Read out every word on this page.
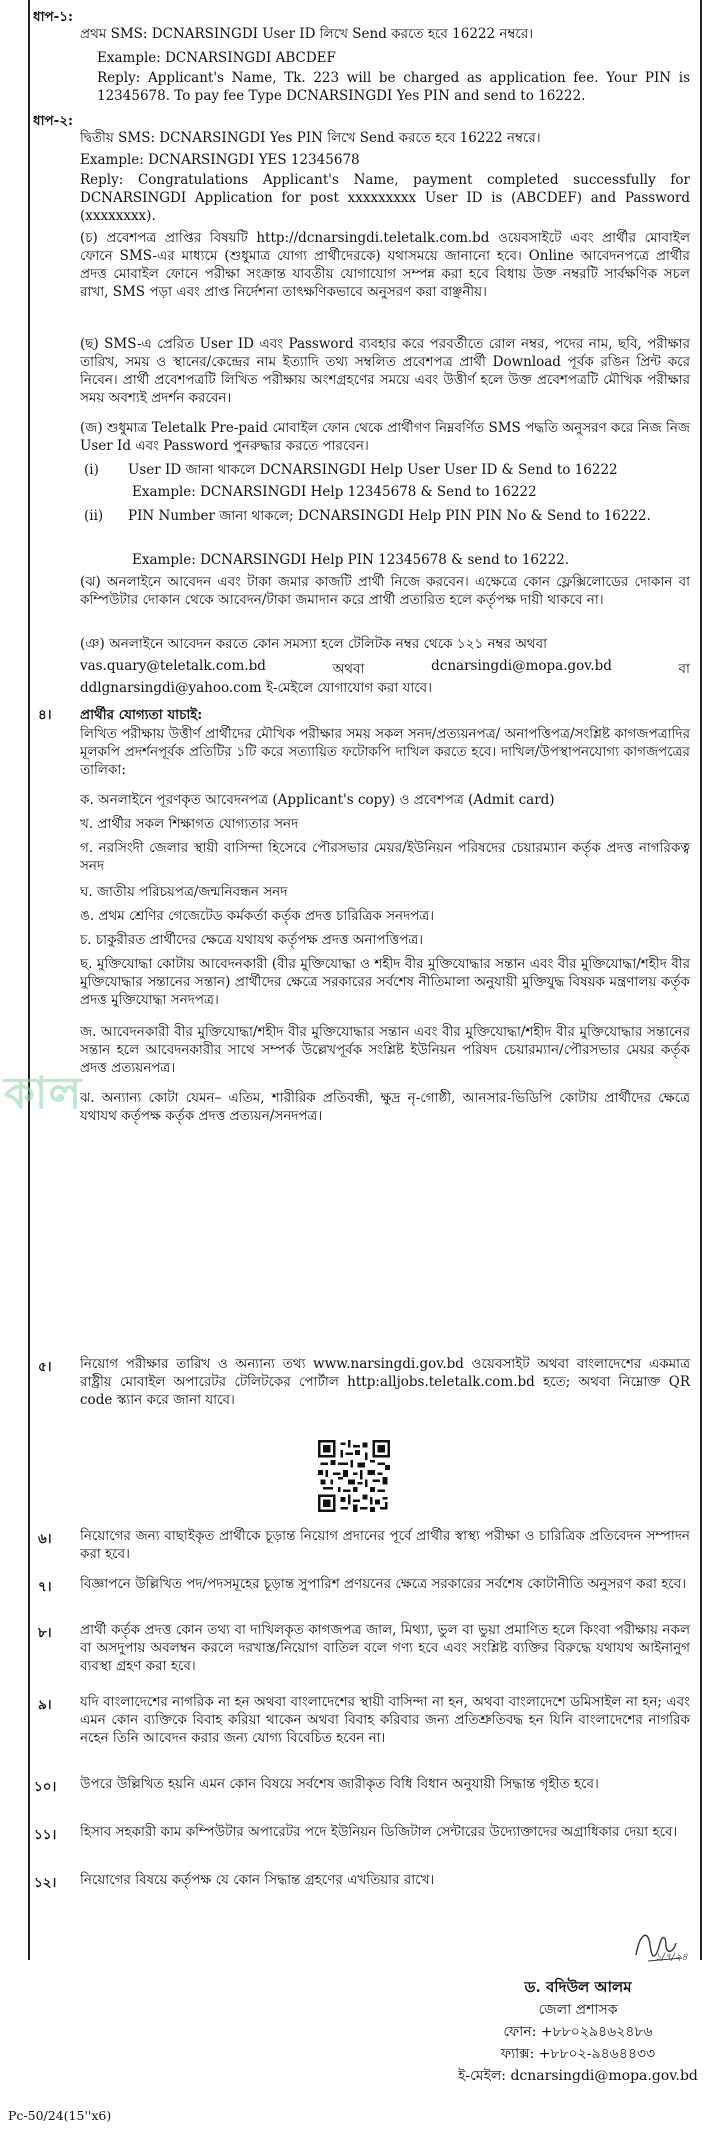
ধাপ-১:
প্রথম SMS: DCNARSINGDI User ID লিখে Send করতে হবে 16222 নম্বরে।
Example: DCNARSINGDI ABCDEF
Reply: Applicant's Name, Tk. 223 will be charged as application fee. Your PIN is 12345678. To pay fee Type DCNARSINGDI Yes PIN and send to 16222.
ধাপ-২:
দ্বিতীয় SMS: DCNARSINGDI Yes PIN লিখে Send করতে হবে 16222 নম্বরে।
Example: DCNARSINGDI YES 12345678
Reply: Congratulations Applicant's Name, payment completed successfully for DCNARSINGDI Application for post xxxxxxxxx User ID is (ABCDEF) and Password (xxxxxxxx).
(চ) প্রবেশপত্র প্রাপ্তির বিষয়টি http://dcnarsingdi.teletalk.com.bd ওয়েবসাইটে এবং প্রার্থীর মোবাইল ফোনে SMS-এর মাধ্যমে (শুধুমাত্র যোগ্য প্রার্থীদেরকে) যথাসময়ে জানানো হবে। Online আবেদনপত্রে প্রার্থীর প্রদত্ত মোবাইল ফোনে পরীক্ষা সংক্রান্ত যাবতীয় যোগাযোগ সম্পন্ন করা হবে বিধায় উক্ত নম্বরটি সার্বক্ষণিক সচল রাখা, SMS পড়া এবং প্রাপ্ত নির্দেশনা তাৎক্ষণিকভাবে অনুসরণ করা বাঞ্ছনীয়।
(ছ) SMS-এ প্রেরিত User ID এবং Password ব্যবহার করে পরবর্তীতে রোল নম্বর, পদের নাম, ছবি, পরীক্ষার তারিখ, সময় ও স্থানের/কেন্দ্রের নাম ইত্যাদি তথ্য সম্বলিত প্রবেশপত্র প্রার্থী Download পূর্বক রঙিন প্রিন্ট করে নিবেন। প্রার্থী প্রবেশপত্রটি লিখিত পরীক্ষায় অংশগ্রহণের সময়ে এবং উত্তীর্ণ হলে উক্ত প্রবেশপত্রটি মৌখিক পরীক্ষার সময় অবশ্যই প্রদর্শন করবেন।
(জ) শুধুমাত্র Teletalk Pre-paid মোবাইল ফোন থেকে প্রার্থীগণ নিম্নবর্ণিত SMS পদ্ধতি অনুসরণ করে নিজ নিজ User Id এবং Password পুনরুদ্ধার করতে পারবেন।
(i) User ID জানা থাকলে DCNARSINGDI Help User User ID & Send to 16222
Example: DCNARSINGDI Help 12345678 & Send to 16222
(ii) PIN Number জানা থাকলে; DCNARSINGDI Help PIN PIN No & Send to 16222.
Example: DCNARSINGDI Help PIN 12345678 & send to 16222.
(ঝ) অনলাইনে আবেদন এবং টাকা জমার কাজটি প্রার্থী নিজে করবেন। এক্ষেত্রে কোন ফ্লেক্সিলোডের দোকান বা কম্পিউটার দোকান থেকে আবেদন/টাকা জমাদান করে প্রার্থী প্রতারিত হলে কর্তৃপক্ষ দায়ী থাকবে না।
(ঞ) অনলাইনে আবেদন করতে কোন সমস্যা হলে টেলিটক নম্বর থেকে ১২১ নম্বর অথবা
vas.quary@teletalk.com.bd	অথবা	dcnarsingdi@mopa.gov.bd	বা
ddlgnarsingdi@yahoo.com ই-মেইলে যোগাযোগ করা যাবে।
৪। প্রার্থীর যোগ্যতা যাচাই:
লিখিত পরীক্ষায় উত্তীর্ণ প্রার্থীদের মৌখিক পরীক্ষার সময় সকল সনদ/প্রত্যয়নপত্র/ অনাপত্তিপত্র/সংশ্লিষ্ট কাগজপত্রাদির মূলকপি প্রদর্শনপূর্বক প্রতিটির ১টি করে সত্যায়িত ফটোকপি দাখিল করতে হবে। দাখিল/উপস্থাপনযোগ্য কাগজপত্রের তালিকা:
ক. অনলাইনে পূরণকৃত আবেদনপত্র (Applicant's copy) ও প্রবেশপত্র (Admit card)
খ. প্রার্থীর সকল শিক্ষাগত যোগ্যতার সনদ
গ. নরসিংদী জেলার স্থায়ী বাসিন্দা হিসেবে পৌরসভার মেয়র/ইউনিয়ন পরিষদের চেয়ারম্যান কর্তৃক প্রদত্ত নাগরিকত্ব সনদ
ঘ. জাতীয় পরিচয়পত্র/জন্মনিবন্ধন সনদ
ঙ. প্রথম শ্রেণির গেজেটেড কর্মকর্তা কর্তৃক প্রদত্ত চারিত্রিক সনদপত্র।
চ. চাকুরীরত প্রার্থীদের ক্ষেত্রে যথাযথ কর্তৃপক্ষ প্রদত্ত অনাপত্তিপত্র।
ছ. মুক্তিযোদ্ধা কোটায় আবেদনকারী (বীর মুক্তিযোদ্ধা ও শহীদ বীর মুক্তিযোদ্ধার সন্তান এবং বীর মুক্তিযোদ্ধা/শহীদ বীর মুক্তিযোদ্ধার সন্তানের সন্তান) প্রার্থীদের ক্ষেত্রে সরকারের সর্বশেষ নীতিমালা অনুযায়ী মুক্তিযুদ্ধ বিষয়ক মন্ত্রণালয় কর্তৃক প্রদত্ত মুক্তিযোদ্ধা সনদপত্র।
জ. আবেদনকারী বীর মুক্তিযোদ্ধা/শহীদ বীর মুক্তিযোদ্ধার সন্তান এবং বীর মুক্তিযোদ্ধা/শহীদ বীর মুক্তিযোদ্ধার সন্তানের সন্তান হলে আবেদনকারীর সাথে সম্পর্ক উল্লেখপূর্বক সংশ্লিষ্ট ইউনিয়ন পরিষদ চেয়ারম্যান/পৌরসভার মেয়র কর্তৃক প্রদত্ত প্রত্যয়নপত্র।
ঝ. অন্যান্য কোটা যেমন– এতিম, শারীরিক প্রতিবন্ধী, ক্ষুদ্র নৃ-গোষ্ঠী, আনসার-ভিডিপি কোটায় প্রার্থীদের ক্ষেত্রে যথাযথ কর্তৃপক্ষ কর্তৃক প্রদত্ত প্রত্যয়ন/সনদপত্র।
কাল
৫। নিয়োগ পরীক্ষার তারিখ ও অন্যান্য তথ্য www.narsingdi.gov.bd ওয়েবসাইট অথবা বাংলাদেশের একমাত্র রাষ্ট্রীয় মোবাইল অপারেটর টেলিটকের পোর্টাল http:alljobs.teletalk.com.bd হতে; অথবা নিম্নোক্ত QR code স্ক্যান করে জানা যাবে।
৬। নিয়োগের জন্য বাছাইকৃত প্রার্থীকে চূড়ান্ত নিয়োগ প্রদানের পূর্বে প্রার্থীর স্বাস্থ্য পরীক্ষা ও চারিত্রিক প্রতিবেদন সম্পাদন করা হবে।
৭। বিজ্ঞাপনে উল্লিখিত পদ/পদসমূহের চূড়ান্ত সুপারিশ প্রণয়নের ক্ষেত্রে সরকারের সর্বশেষ কোটানীতি অনুসরণ করা হবে।
৮। প্রার্থী কর্তৃক প্রদত্ত কোন তথ্য বা দাখিলকৃত কাগজপত্র জাল, মিথ্যা, ভুল বা ভুয়া প্রমাণিত হলে কিংবা পরীক্ষায় নকল বা অসদুপায় অবলম্বন করলে দরখাস্ত/নিয়োগ বাতিল বলে গণ্য হবে এবং সংশ্লিষ্ট ব্যক্তির বিরুদ্ধে যথাযথ আইনানুগ ব্যবস্থা গ্রহণ করা হবে।
৯। যদি বাংলাদেশের নাগরিক না হন অথবা বাংলাদেশের স্থায়ী বাসিন্দা না হন, অথবা বাংলাদেশে ডমিসাইল না হন; এবং এমন কোন ব্যক্তিকে বিবাহ করিয়া থাকেন অথবা বিবাহ করিবার জন্য প্রতিশ্রুতিবদ্ধ হন যিনি বাংলাদেশের নাগরিক নহেন তিনি আবেদন করার জন্য যোগ্য বিবেচিত হবেন না।
১০। উপরে উল্লিখিত হয়নি এমন কোন বিষয়ে সর্বশেষ জারীকৃত বিধি বিধান অনুযায়ী সিদ্ধান্ত গৃহীত হবে।
১১। হিসাব সহকারী কাম কম্পিউটার অপারেটর পদে ইউনিয়ন ডিজিটাল সেন্টারের উদ্যোক্তাদের অগ্রাধিকার দেয়া হবে।
১২। নিয়োগের বিষয়ে কর্তৃপক্ষ যে কোন সিদ্ধান্ত গ্রহণের এখতিয়ার রাখে।
১/৭/২৪
ড. বদিউল আলম
জেলা প্রশাসক
ফোন: +৮৮০২৯৪৬২৪৮৬
ফ্যাক্স: +৮৮০২-৯৪৬৪৪৩৩
ই-মেইল: dcnarsingdi@mopa.gov.bd
Pc-50/24(15''x6)
